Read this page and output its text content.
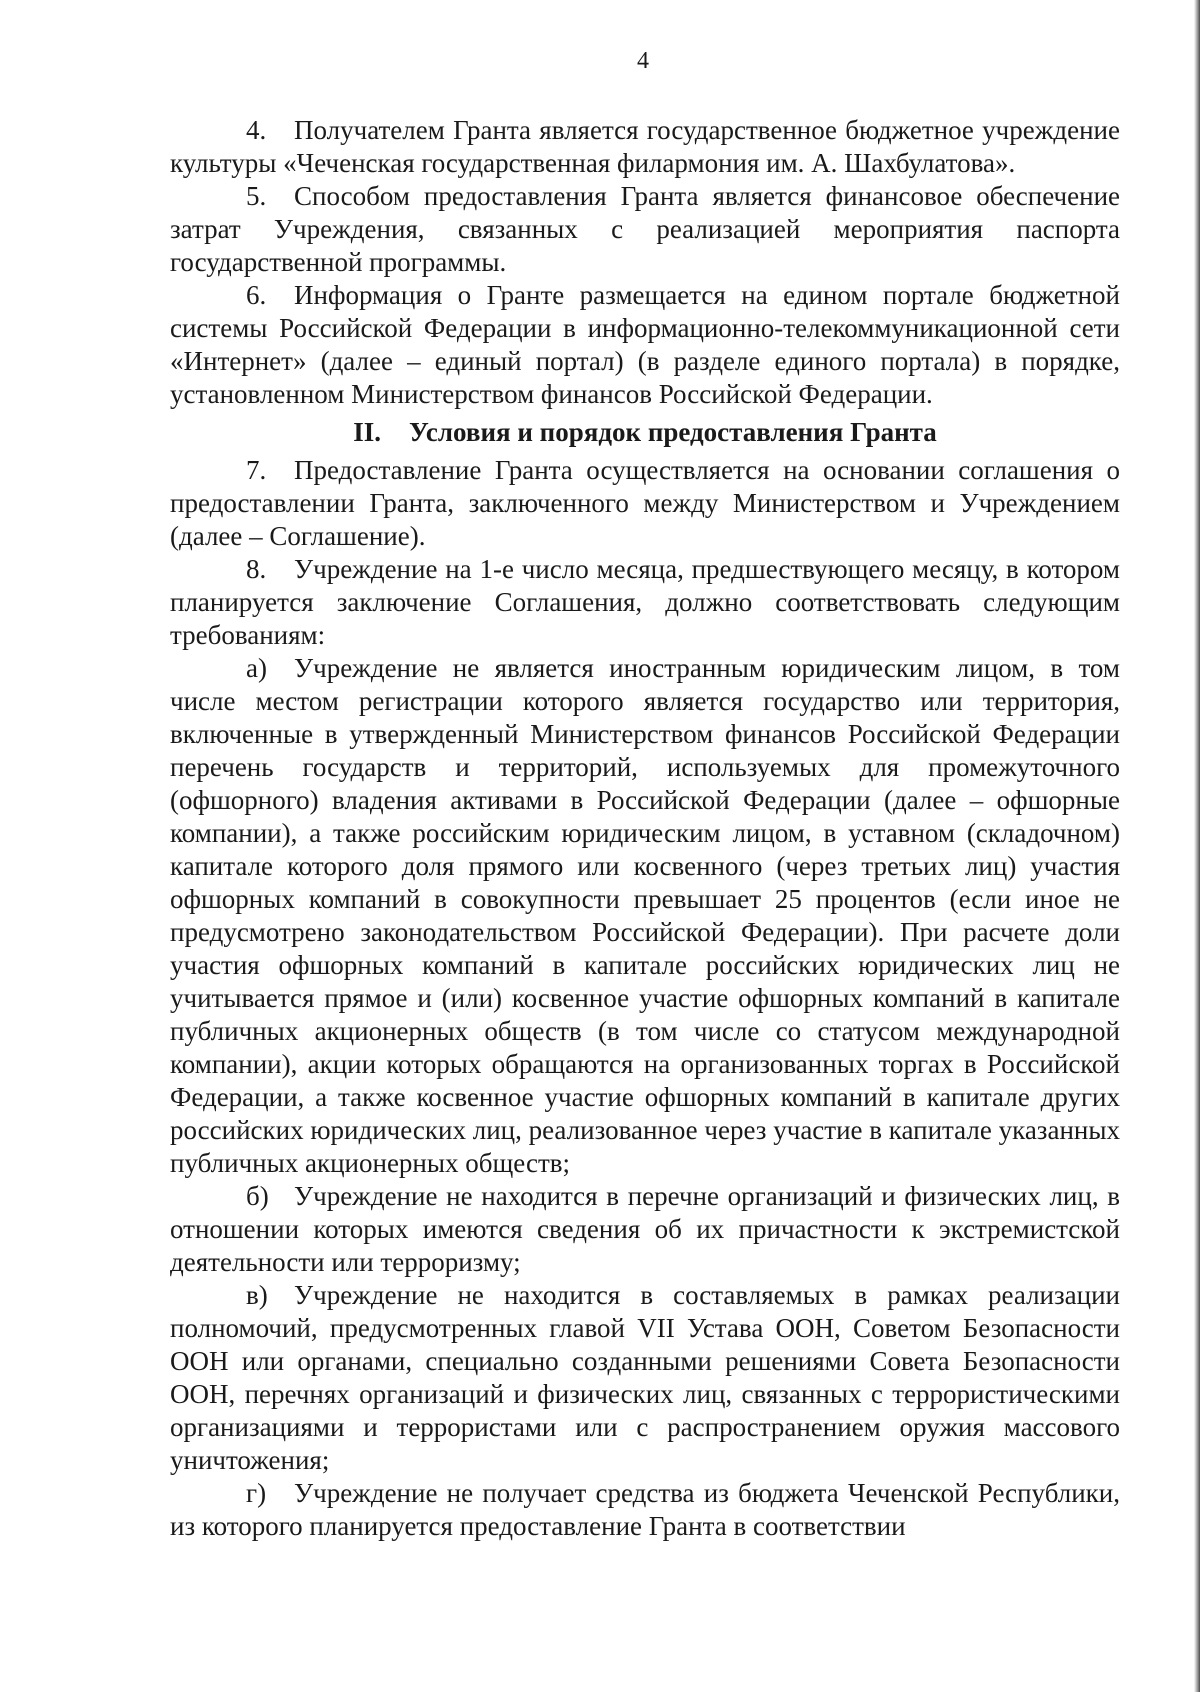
4

4. Получателем Гранта является государственное бюджетное учреждение культуры «Чеченская государственная филармония им. А. Шахбулатова».

5. Способом предоставления Гранта является финансовое обеспечение затрат Учреждения, связанных с реализацией мероприятия паспорта государственной программы.

6. Информация о Гранте размещается на едином портале бюджетной системы Российской Федерации в информационно-телекоммуникационной сети «Интернет» (далее – единый портал) (в разделе единого портала) в порядке, установленном Министерством финансов Российской Федерации.

II. Условия и порядок предоставления Гранта

7. Предоставление Гранта осуществляется на основании соглашения о предоставлении Гранта, заключенного между Министерством и Учреждением (далее – Соглашение).

8. Учреждение на 1-е число месяца, предшествующего месяцу, в котором планируется заключение Соглашения, должно соответствовать следующим требованиям:

а) Учреждение не является иностранным юридическим лицом, в том числе местом регистрации которого является государство или территория, включенные в утвержденный Министерством финансов Российской Федерации перечень государств и территорий, используемых для промежуточного (офшорного) владения активами в Российской Федерации (далее – офшорные компании), а также российским юридическим лицом, в уставном (складочном) капитале которого доля прямого или косвенного (через третьих лиц) участия офшорных компаний в совокупности превышает 25 процентов (если иное не предусмотрено законодательством Российской Федерации). При расчете доли участия офшорных компаний в капитале российских юридических лиц не учитывается прямое и (или) косвенное участие офшорных компаний в капитале публичных акционерных обществ (в том числе со статусом международной компании), акции которых обращаются на организованных торгах в Российской Федерации, а также косвенное участие офшорных компаний в капитале других российских юридических лиц, реализованное через участие в капитале указанных публичных акционерных обществ;

б) Учреждение не находится в перечне организаций и физических лиц, в отношении которых имеются сведения об их причастности к экстремистской деятельности или терроризму;

в) Учреждение не находится в составляемых в рамках реализации полномочий, предусмотренных главой VII Устава ООН, Советом Безопасности ООН или органами, специально созданными решениями Совета Безопасности ООН, перечнях организаций и физических лиц, связанных с террористическими организациями и террористами или с распространением оружия массового уничтожения;

г) Учреждение не получает средства из бюджета Чеченской Республики, из которого планируется предоставление Гранта в соответствии
